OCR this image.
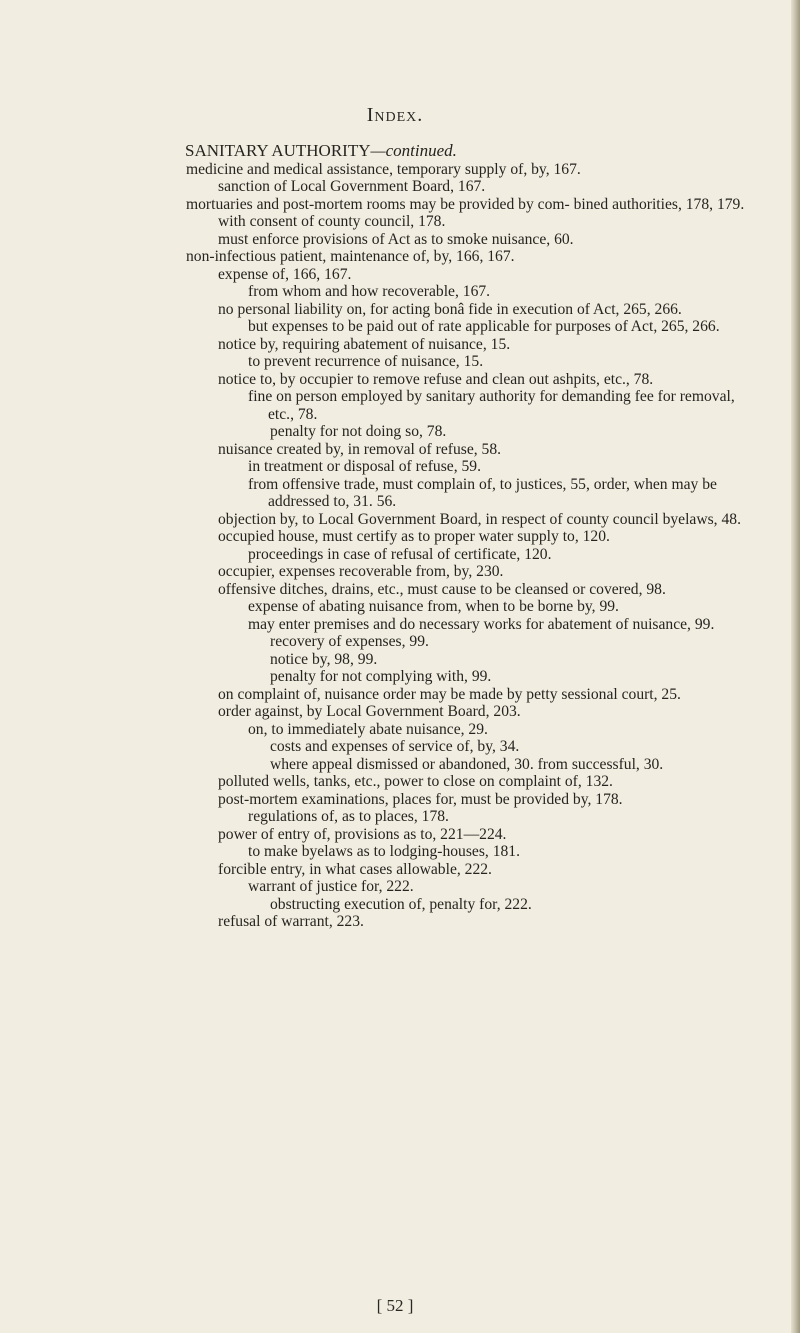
Index.
SANITARY AUTHORITY—continued.
medicine and medical assistance, temporary supply of, by, 167.
sanction of Local Government Board, 167.
mortuaries and post-mortem rooms may be provided by com- bined authorities, 178, 179.
with consent of county council, 178.
must enforce provisions of Act as to smoke nuisance, 60.
non-infectious patient, maintenance of, by, 166, 167.
expense of, 166, 167.
from whom and how recoverable, 167.
no personal liability on, for acting bonâ fide in execution of Act, 265, 266.
but expenses to be paid out of rate applicable for purposes of Act, 265, 266.
notice by, requiring abatement of nuisance, 15.
to prevent recurrence of nuisance, 15.
notice to, by occupier to remove refuse and clean out ashpits, etc., 78.
fine on person employed by sanitary authority for demanding fee for removal, etc., 78.
penalty for not doing so, 78.
nuisance created by, in removal of refuse, 58.
in treatment or disposal of refuse, 59.
from offensive trade, must complain of, to justices, 55, order, when may be addressed to, 31. 56.
objection by, to Local Government Board, in respect of county council byelaws, 48.
occupied house, must certify as to proper water supply to, 120.
proceedings in case of refusal of certificate, 120.
occupier, expenses recoverable from, by, 230.
offensive ditches, drains, etc., must cause to be cleansed or covered, 98.
expense of abating nuisance from, when to be borne by, 99.
may enter premises and do necessary works for abatement of nuisance, 99.
recovery of expenses, 99.
notice by, 98, 99.
penalty for not complying with, 99.
on complaint of, nuisance order may be made by petty sessional court, 25.
order against, by Local Government Board, 203.
on, to immediately abate nuisance, 29.
costs and expenses of service of, by, 34.
where appeal dismissed or abandoned, 30. from successful, 30.
polluted wells, tanks, etc., power to close on complaint of, 132.
post-mortem examinations, places for, must be provided by, 178.
regulations of, as to places, 178.
power of entry of, provisions as to, 221—224.
to make byelaws as to lodging-houses, 181.
forcible entry, in what cases allowable, 222.
warrant of justice for, 222.
obstructing execution of, penalty for, 222.
refusal of warrant, 223.
[ 52 ]
